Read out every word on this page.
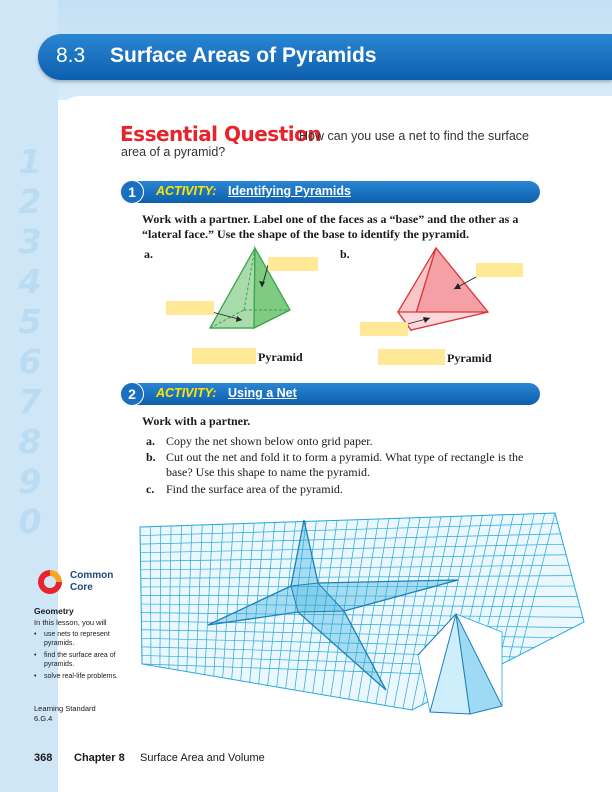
1
2
3
4
5
6
7
8
9
0
8.3 Surface Areas of Pyramids
Essential Question
How can you use a net to find the surface area of a pyramid?
1	ACTIVITY: Identifying Pyramids
Work with a partner. Label one of the faces as a “base” and the other as a
“lateral face.” Use the shape of the base to identify the pyramid.
a.	b.
Pyramid	Pyramid
2	ACTIVITY: Using a Net
Work with a partner.
a. Copy the net shown below onto grid paper.
b. Cut out the net and fold it to form a pyramid. What type of rectangle is the base? Use this shape to name the pyramid.
c. Find the surface area of the pyramid.
Common
Core
Geometry
In this lesson, you will
• use nets to represent pyramids.
• find the surface area of pyramids.
• solve real-life problems.
Learning Standard
6.G.4
368 Chapter 8 Surface Area and Volume
